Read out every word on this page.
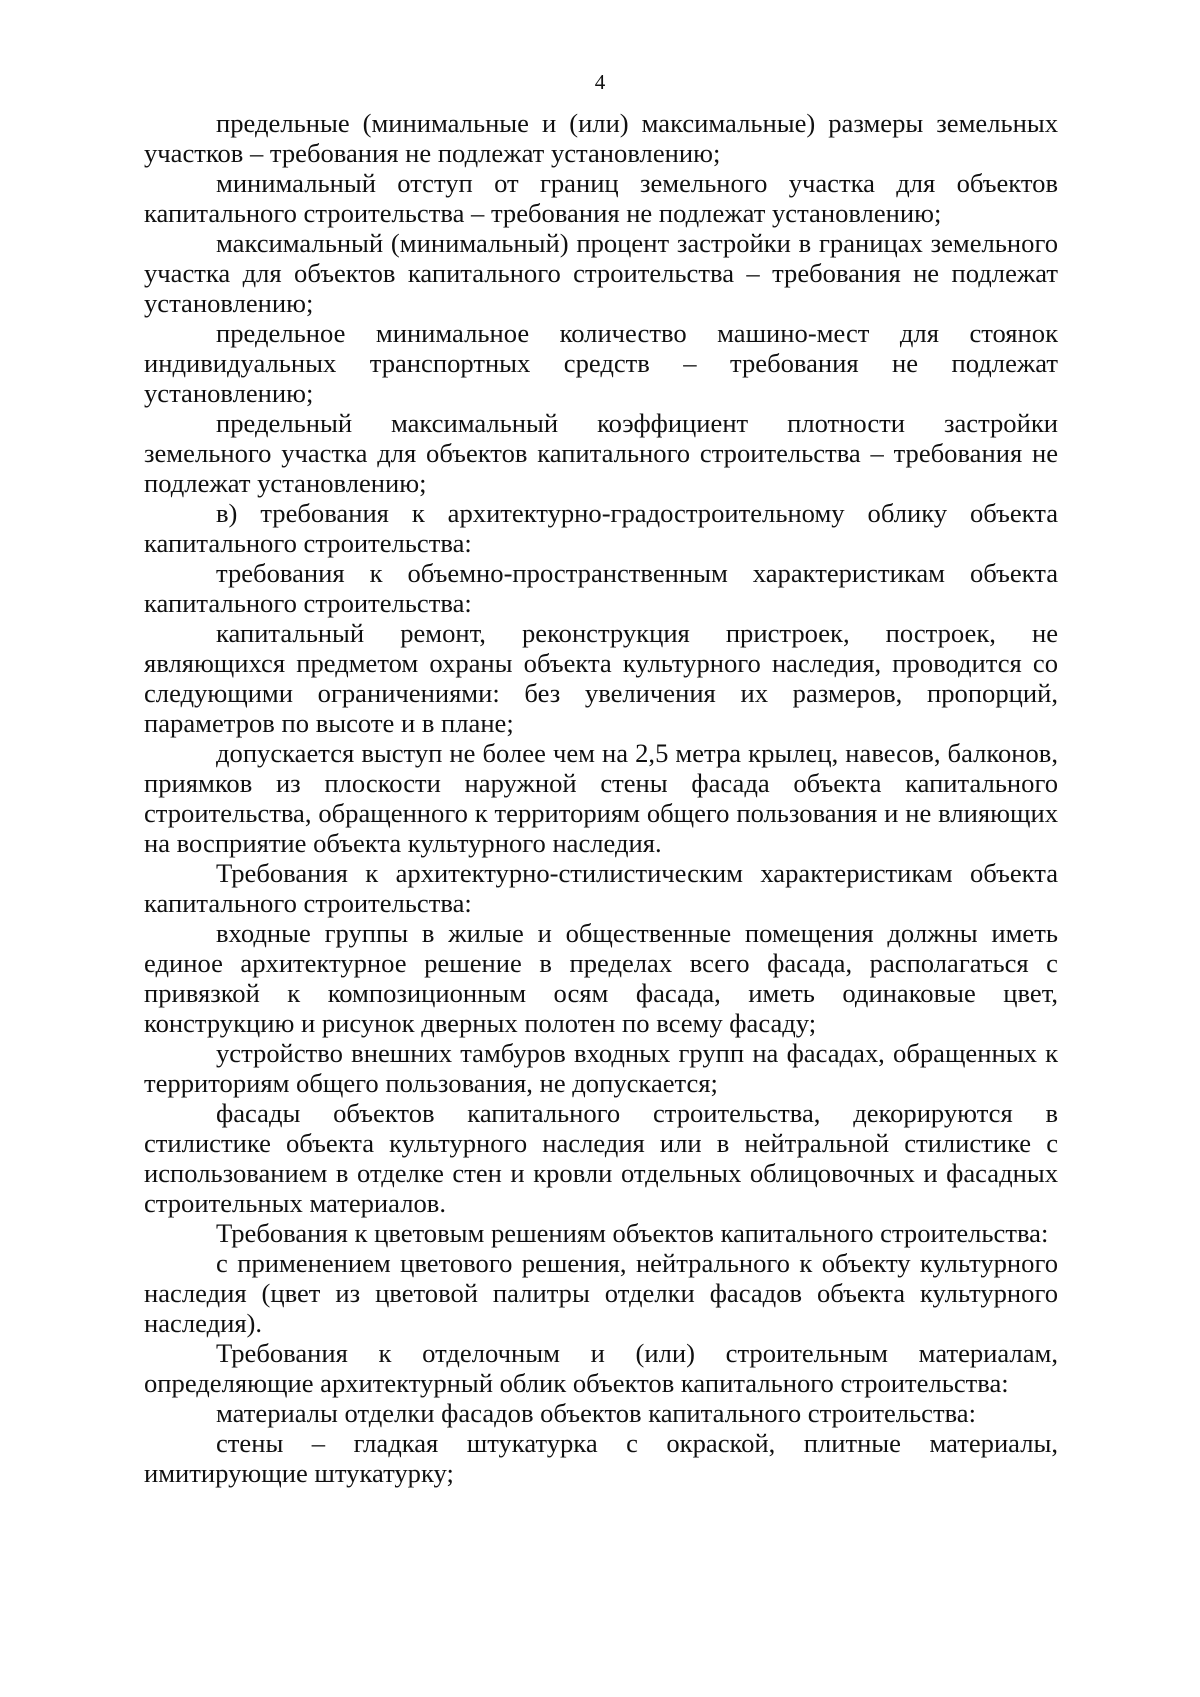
4

предельные (минимальные и (или) максимальные) размеры земельных участков – требования не подлежат установлению;

минимальный отступ от границ земельного участка для объектов капитального строительства – требования не подлежат установлению;

максимальный (минимальный) процент застройки в границах земельного участка для объектов капитального строительства – требования не подлежат установлению;

предельное минимальное количество машино-мест для стоянок индивидуальных транспортных средств – требования не подлежат установлению;

предельный максимальный коэффициент плотности застройки земельного участка для объектов капитального строительства – требования не подлежат установлению;

в) требования к архитектурно-градостроительному облику объекта капитального строительства:

требования к объемно-пространственным характеристикам объекта капитального строительства:

капитальный ремонт, реконструкция пристроек, построек, не являющихся предметом охраны объекта культурного наследия, проводится со следующими ограничениями: без увеличения их размеров, пропорций, параметров по высоте и в плане;

допускается выступ не более чем на 2,5 метра крылец, навесов, балконов, приямков из плоскости наружной стены фасада объекта капитального строительства, обращенного к территориям общего пользования и не влияющих на восприятие объекта культурного наследия.

Требования к архитектурно-стилистическим характеристикам объекта капитального строительства:

входные группы в жилые и общественные помещения должны иметь единое архитектурное решение в пределах всего фасада, располагаться с привязкой к композиционным осям фасада, иметь одинаковые цвет, конструкцию и рисунок дверных полотен по всему фасаду;

устройство внешних тамбуров входных групп на фасадах, обращенных к территориям общего пользования, не допускается;

фасады объектов капитального строительства, декорируются в стилистике объекта культурного наследия или в нейтральной стилистике с использованием в отделке стен и кровли отдельных облицовочных и фасадных строительных материалов.

Требования к цветовым решениям объектов капитального строительства:

с применением цветового решения, нейтрального к объекту культурного наследия (цвет из цветовой палитры отделки фасадов объекта культурного наследия).

Требования к отделочным и (или) строительным материалам, определяющие архитектурный облик объектов капитального строительства:

материалы отделки фасадов объектов капитального строительства:

стены – гладкая штукатурка с окраской, плитные материалы, имитирующие штукатурку;
